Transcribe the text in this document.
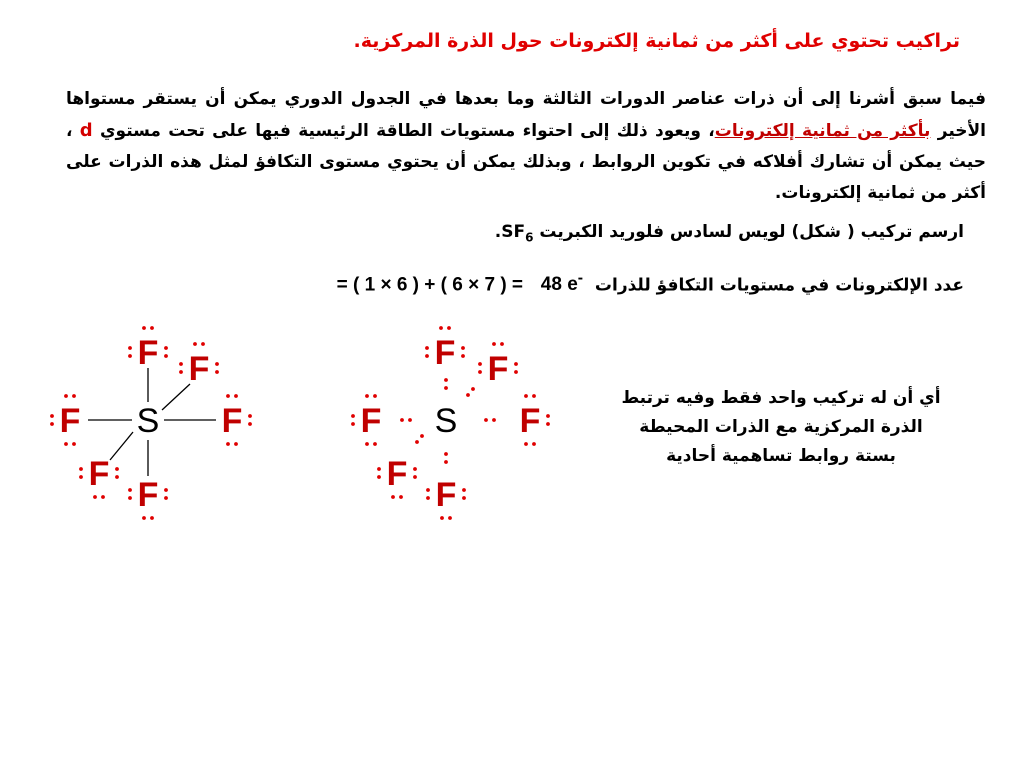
تراكيب تحتوي على أكثر من ثمانية إلكترونات حول الذرة المركزية.
فيما سبق أشرنا إلى أن ذرات عناصر الدورات الثالثة وما بعدها في الجدول الدوري يمكن أن يستقر مستواها الأخير بأكثر من ثمانية إلكترونات، ويعود ذلك إلى احتواء مستويات الطاقة الرئيسية فيها على تحت مستوي d ، حيث يمكن أن تشارك أفلاكه في تكوين الروابط ، وبذلك يمكن أن يحتوي مستوى التكافؤ لمثل هذه الذرات على أكثر من ثمانية إلكترونات.
ارسم تركيب ( شكل) لويس لسادس فلوريد الكبريت $SF_6$.
عدد الإلكترونات في مستويات التكافؤ للذرات  = ( 1 × 6 ) + ( 6 × 7 ) = 48 e-
أي أن له تركيب واحد فقط وفيه ترتبط
الذرة المركزية مع الذرات المحيطة
بستة روابط تساهمية أحادية
F F
F S F
F
F
F F
F S F
F
F
